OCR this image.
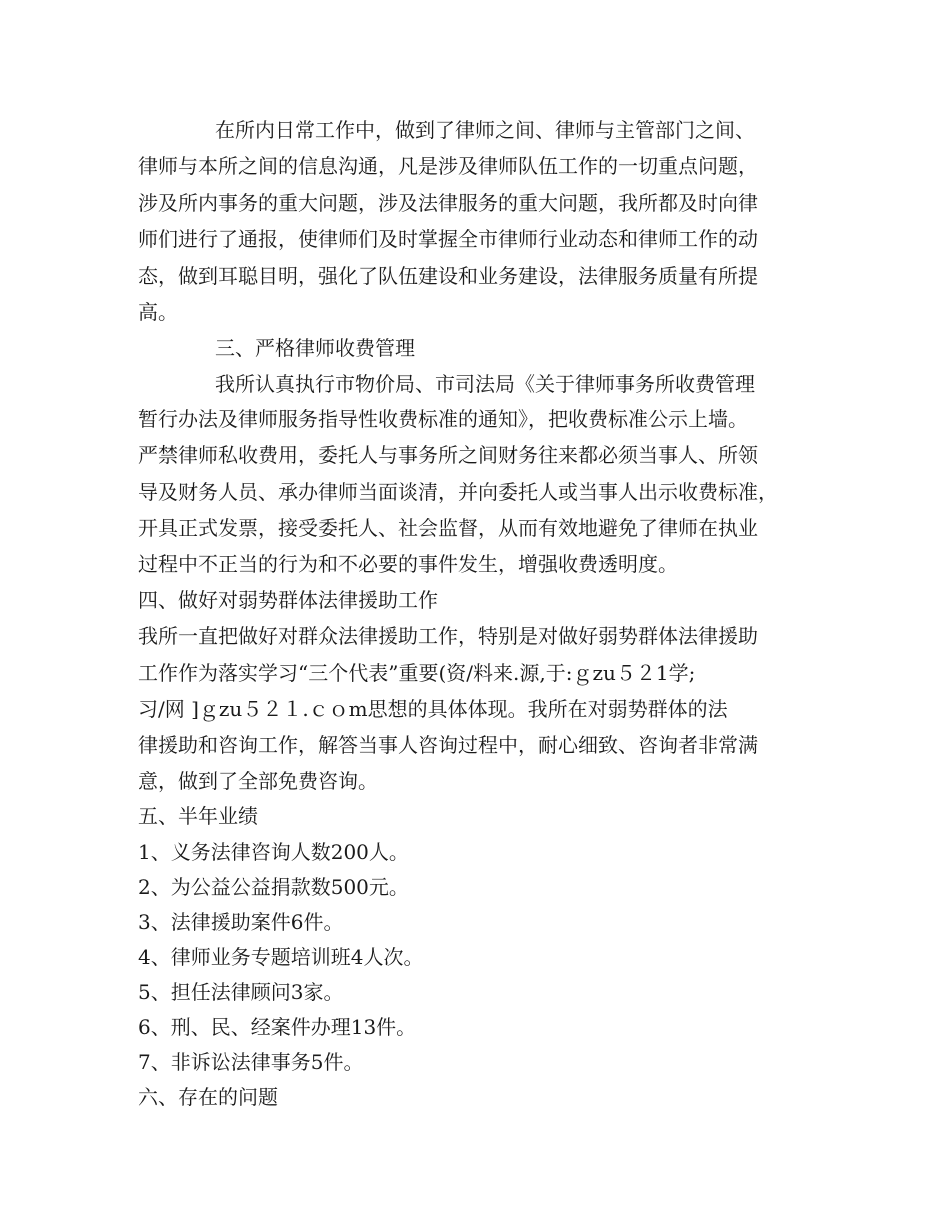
在所内日常工作中，做到了律师之间、律师与主管部门之间、
律师与本所之间的信息沟通，凡是涉及律师队伍工作的一切重点问题，
涉及所内事务的重大问题，涉及法律服务的重大问题，我所都及时向律
师们进行了通报，使律师们及时掌握全市律师行业动态和律师工作的动
态，做到耳聪目明，强化了队伍建设和业务建设，法律服务质量有所提
高。
三、严格律师收费管理
我所认真执行市物价局、市司法局《关于律师事务所收费管理
暂行办法及律师服务指导性收费标准的通知》，把收费标准公示上墙。
严禁律师私收费用，委托人与事务所之间财务往来都必须当事人、所领
导及财务人员、承办律师当面谈清，并向委托人或当事人出示收费标准，
开具正式发票，接受委托人、社会监督，从而有效地避免了律师在执业
过程中不正当的行为和不必要的事件发生，增强收费透明度。
四、做好对弱势群体法律援助工作
我所一直把做好对群众法律援助工作，特别是对做好弱势群体法律援助
工作作为落实学习“三个代表”重要(资/料来.源,于:ｇzu５２1学;
习/网 ]ｇzu５２１.ｃｏm思想的具体体现。我所在对弱势群体的法
律援助和咨询工作，解答当事人咨询过程中，耐心细致、咨询者非常满
意，做到了全部免费咨询。
五、半年业绩
1、义务法律咨询人数200人。
2、为公益公益捐款数500元。
3、法律援助案件6件。
4、律师业务专题培训班4人次。
5、担任法律顾问3家。
6、刑、民、经案件办理13件。
7、非诉讼法律事务5件。
六、存在的问题
